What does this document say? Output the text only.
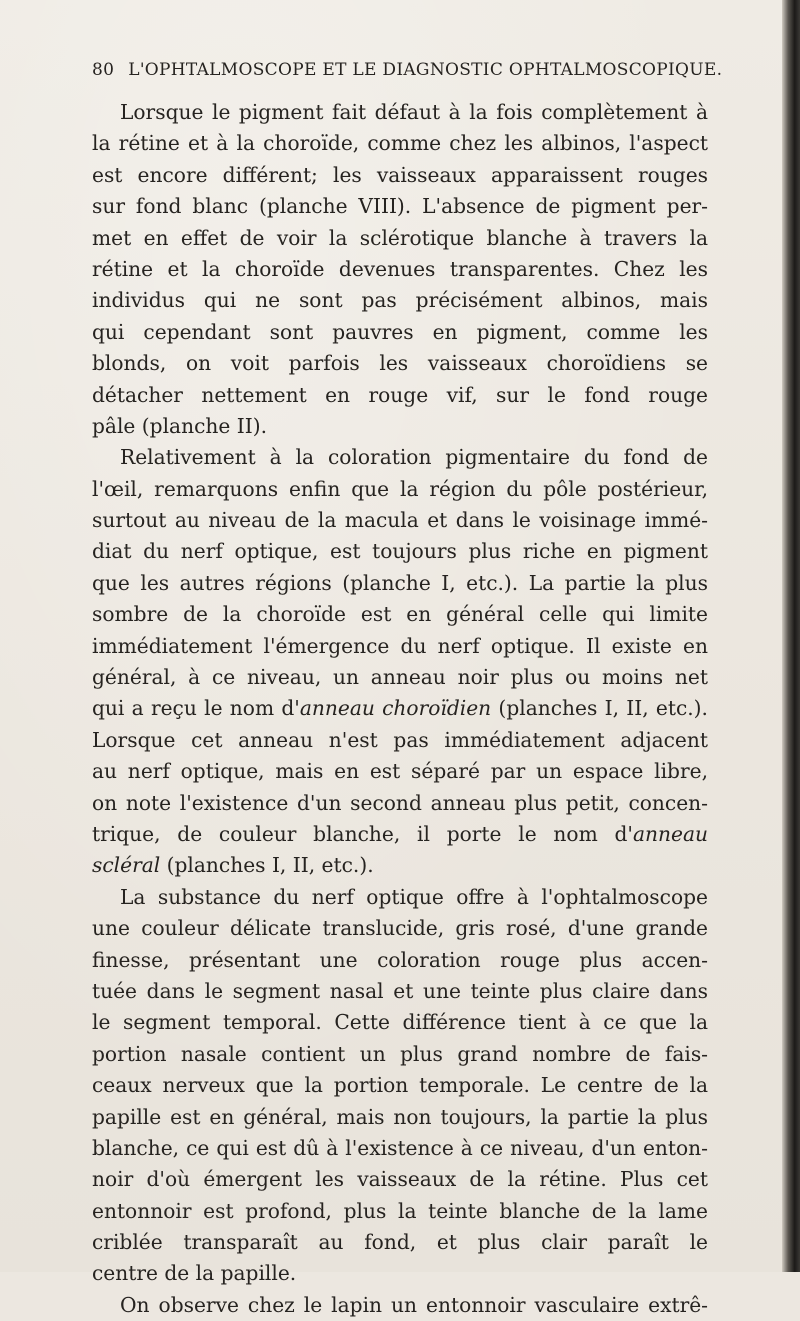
80 L'OPHTALMOSCOPE ET LE DIAGNOSTIC OPHTALMOSCOPIQUE.
Lorsque le pigment fait défaut à la fois complètement à
la rétine et à la choroïde, comme chez les albinos, l'aspect
est encore différent; les vaisseaux apparaissent rouges
sur fond blanc (planche VIII). L'absence de pigment per-
met en effet de voir la sclérotique blanche à travers la
rétine et la choroïde devenues transparentes. Chez les
individus qui ne sont pas précisément albinos, mais
qui cependant sont pauvres en pigment, comme les
blonds, on voit parfois les vaisseaux choroïdiens se
détacher nettement en rouge vif, sur le fond rouge
pâle (planche II).
Relativement à la coloration pigmentaire du fond de
l'œil, remarquons enfin que la région du pôle postérieur,
surtout au niveau de la macula et dans le voisinage immé-
diat du nerf optique, est toujours plus riche en pigment
que les autres régions (planche I, etc.). La partie la plus
sombre de la choroïde est en général celle qui limite
immédiatement l'émergence du nerf optique. Il existe en
général, à ce niveau, un anneau noir plus ou moins net
qui a reçu le nom d'anneau choroïdien (planches I, II, etc.).
Lorsque cet anneau n'est pas immédiatement adjacent
au nerf optique, mais en est séparé par un espace libre,
on note l'existence d'un second anneau plus petit, concen-
trique, de couleur blanche, il porte le nom d'anneau
scléral (planches I, II, etc.).
La substance du nerf optique offre à l'ophtalmoscope
une couleur délicate translucide, gris rosé, d'une grande
finesse, présentant une coloration rouge plus accen-
tuée dans le segment nasal et une teinte plus claire dans
le segment temporal. Cette différence tient à ce que la
portion nasale contient un plus grand nombre de fais-
ceaux nerveux que la portion temporale. Le centre de la
papille est en général, mais non toujours, la partie la plus
blanche, ce qui est dû à l'existence à ce niveau, d'un enton-
noir d'où émergent les vaisseaux de la rétine. Plus cet
entonnoir est profond, plus la teinte blanche de la lame
criblée transparaît au fond, et plus clair paraît le
centre de la papille.
On observe chez le lapin un entonnoir vasculaire extrê-
